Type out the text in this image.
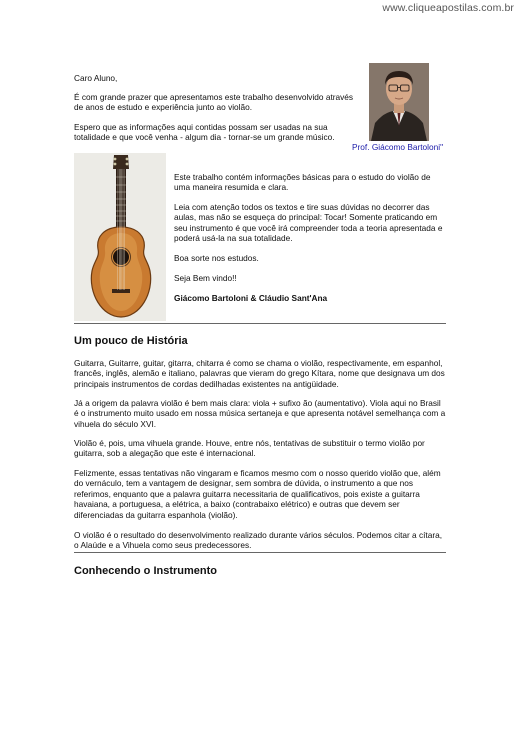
www.cliqueapostilas.com.br

Caro Aluno,

É com grande prazer que apresentamos este trabalho desenvolvido através de anos de estudo e experiência junto ao violão.

Espero que as informações aqui contidas possam ser usadas na sua totalidade e que você venha - algum dia - tornar-se um grande músico.

Prof. Giácomo Bartoloni"

Este trabalho contém informações básicas para o estudo do violão de uma maneira resumida e clara.

Leia com atenção todos os textos e tire suas dúvidas no decorrer das aulas, mas não se esqueça do principal: Tocar! Somente praticando em seu instrumento é que você irá compreender toda a teoria apresentada e poderá usá-la na sua totalidade.

Boa sorte nos estudos.

Seja Bem vindo!!

Giácomo Bartoloni & Cláudio Sant'Ana

Um pouco de História

Guitarra, Guitarre, guitar, gitarra, chitarra é como se chama o violão, respectivamente, em espanhol, francês, inglês, alemão e italiano, palavras que vieram do grego Kítara, nome que designava um dos principais instrumentos de cordas dedilhadas existentes na antigüidade.

Já a origem da palavra violão é bem mais clara: viola + sufixo ão (aumentativo). Viola aqui no Brasil é o instrumento muito usado em nossa música sertaneja e que apresenta notável semelhança com a vihuela do século XVI.

Violão é, pois, uma vihuela grande. Houve, entre nós, tentativas de substituir o termo violão por guitarra, sob a alegação que este é internacional.

Felizmente, essas tentativas não vingaram e ficamos mesmo com o nosso querido violão que, além do vernáculo, tem a vantagem de designar, sem sombra de dúvida, o instrumento a que nos referimos, enquanto que a palavra guitarra necessitaria de qualificativos, pois existe a guitarra havaiana, a portuguesa, a elétrica, a baixo (contrabaixo elétrico) e outras que devem ser diferenciadas da guitarra espanhola (violão).

O violão é o resultado do desenvolvimento realizado durante vários séculos. Podemos citar a cítara, o Alaúde e a Vihuela como seus predecessores.

Conhecendo o Instrumento
